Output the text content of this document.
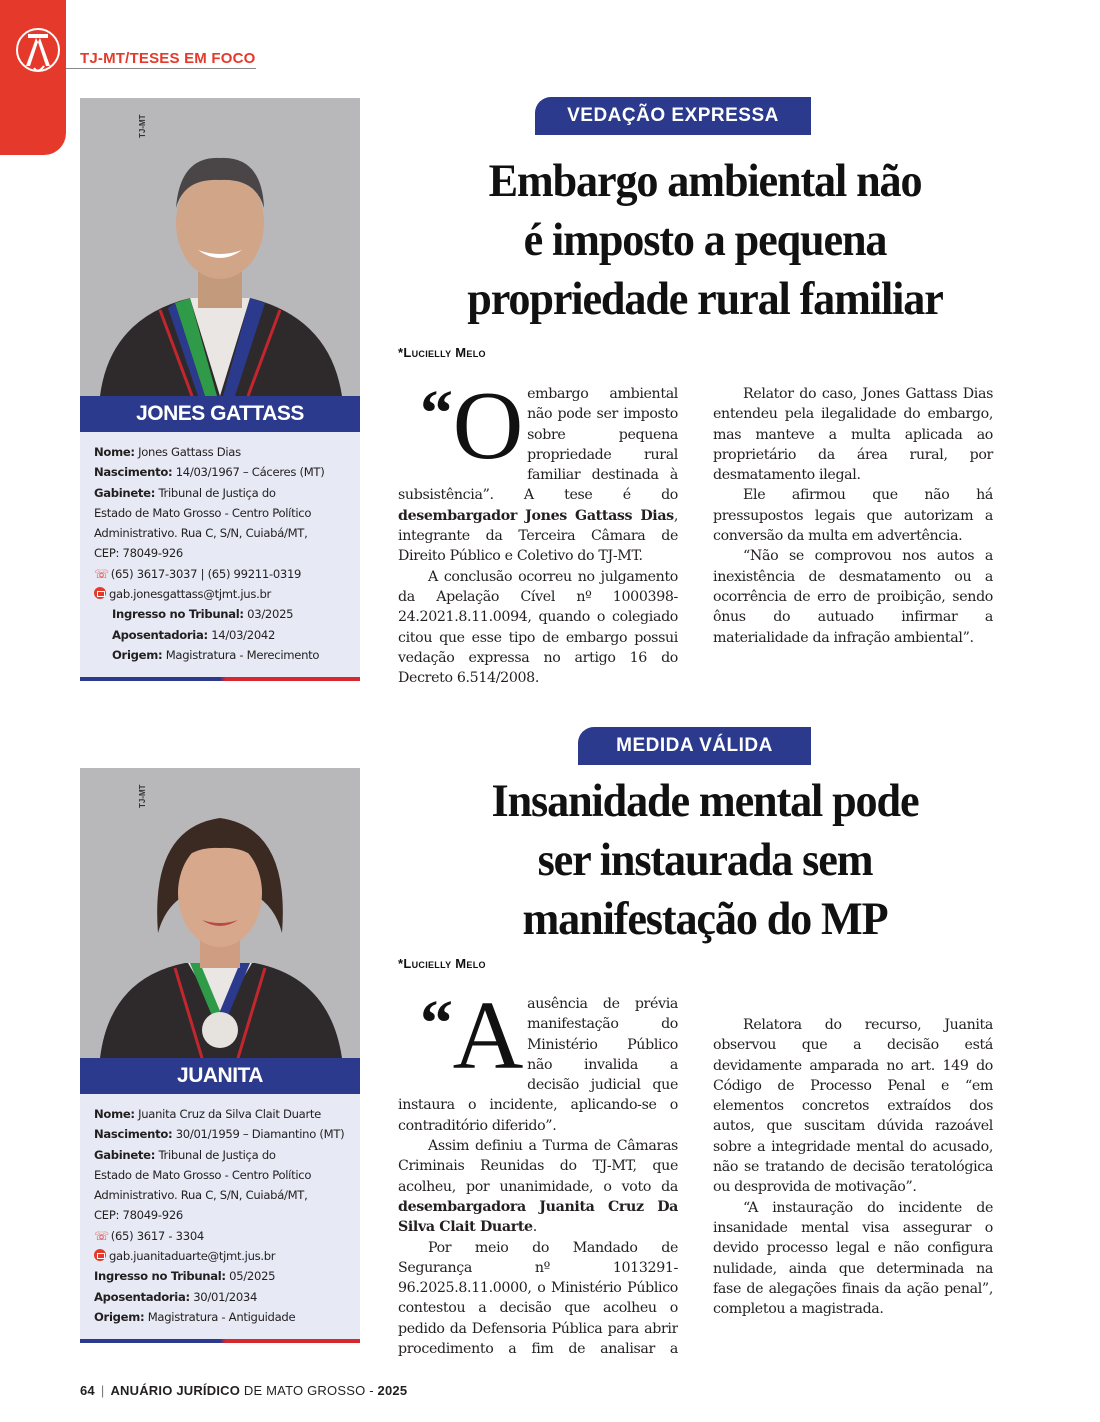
TJ-MT/TESES EM FOCO
TJ-MT
JONES GATTASS
Nome: Jones Gattass Dias
Nascimento: 14/03/1967 – Cáceres (MT)
Gabinete: Tribunal de Justiça do
Estado de Mato Grosso - Centro Político
Administrativo. Rua C, S/N, Cuiabá/MT,
CEP: 78049-926
☏ (65) 3617-3037 | (65) 99211-0319
gab.jonesgattass@tjmt.jus.br
Ingresso no Tribunal: 03/2025
Aposentadoria: 14/03/2042
Origem: Magistratura - Merecimento
VEDAÇÃO EXPRESSA
Embargo ambiental não
é imposto a pequena
propriedade rural familiar
*Lucielly Melo

“ O embargo ambiental não pode ser imposto sobre pequena propriedade rural familiar destinada à subsistência”. A tese é do desembargador Jones Gattass Dias, integrante da Terceira Câmara de Direito Público e Coletivo do TJ-MT.

A conclusão ocorreu no julgamento da Apelação Cível nº 1000398-24.2021.8.11.0094, quando o colegiado citou que esse tipo de embargo possui vedação expressa no artigo 16 do Decreto 6.514/2008.

Relator do caso, Jones Gattass Dias entendeu pela ilegalidade do embargo, mas manteve a multa aplicada ao proprietário da área rural, por desmatamento ilegal.

Ele afirmou que não há pressupostos legais que autorizam a conversão da multa em advertência.

“Não se comprovou nos autos a inexistência de desmatamento ou a ocorrência de erro de proibição, sendo ônus do autuado infirmar a materialidade da infração ambiental”.

TJ-MT
JUANITA
Nome: Juanita Cruz da Silva Clait Duarte
Nascimento: 30/01/1959 – Diamantino (MT)
Gabinete: Tribunal de Justiça do
Estado de Mato Grosso - Centro Político
Administrativo. Rua C, S/N, Cuiabá/MT,
CEP: 78049-926
☏ (65) 3617 - 3304
gab.juanitaduarte@tjmt.jus.br
Ingresso no Tribunal: 05/2025
Aposentadoria: 30/01/2034
Origem: Magistratura - Antiguidade
MEDIDA VÁLIDA
Insanidade mental pode
ser instaurada sem
manifestação do MP
*Lucielly Melo

“ A ausência de prévia manifestação do Ministério Público não invalida a decisão judicial que instaura o incidente, aplicando-se o contraditório diferido”.

Assim definiu a Turma de Câmaras Criminais Reunidas do TJ-MT, que acolheu, por unanimidade, o voto da desembargadora Juanita Cruz Da Silva Clait Duarte.

Por meio do Mandado de Segurança nº 1013291-96.2025.8.11.0000, o Ministério Público contestou a decisão que acolheu o pedido da Defensoria Pública para abrir procedimento a fim de analisar a

Relatora do recurso, Juanita observou que a decisão está devidamente amparada no art. 149 do Código de Processo Penal e “em elementos concretos extraídos dos autos, que suscitam dúvida razoável sobre a integridade mental do acusado, não se tratando de decisão teratológica ou desprovida de motivação”.

“A instauração do incidente de insanidade mental visa assegurar o devido processo legal e não configura nulidade, ainda que determinada na fase de alegações finais da ação penal”, completou a magistrada.

64 | ANUÁRIO JURÍDICO DE MATO GROSSO - 2025
